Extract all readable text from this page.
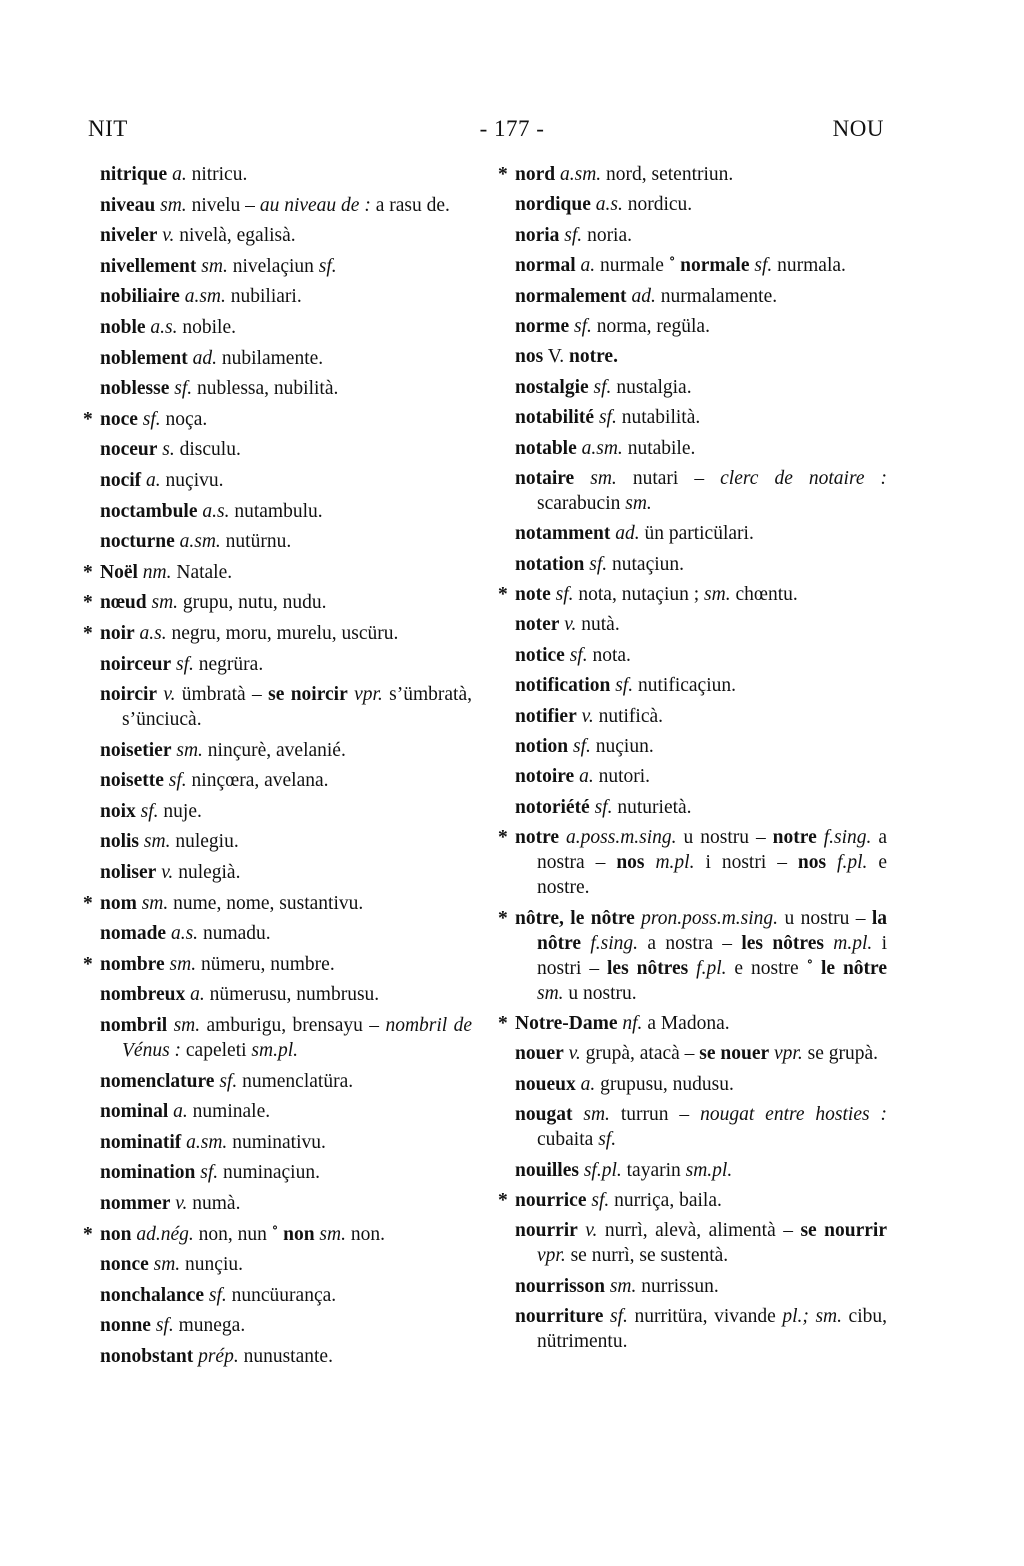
NIT	- 177 -	NOU

nitrique a. nitricu.

niveau sm. nivelu – au niveau de : a rasu de.

niveler v. nivelà, egalisà.

nivellement sm. nivelaçiun sf.

nobiliaire a.sm. nubiliari.

noble a.s. nobile.

noblement ad. nubilamente.

noblesse sf. nublessa, nubilità.

* noce sf. noça.

noceur s. disculu.

nocif a. nuçivu.

noctambule a.s. nutambulu.

nocturne a.sm. nutürnu.

* Noël nm. Natale.

* nœud sm. grupu, nutu, nudu.

* noir a.s. negru, moru, murelu, uscüru.

noirceur sf. negrüra.

noircir v. ümbratà – se noircir vpr. s’ümbratà, s’ünciucà.

noisetier sm. ninçurè, avelanié.

noisette sf. ninçœra, avelana.

noix sf. nuje.

nolis sm. nulegiu.

noliser v. nulegià.

* nom sm. nume, nome, sustantivu.

nomade a.s. numadu.

* nombre sm. nümeru, numbre.

nombreux a. nümerusu, numbrusu.

nombril sm. amburigu, brensayu – nombril de Vénus : capeleti sm.pl.

nomenclature sf. numenclatüra.

nominal a. numinale.

nominatif a.sm. numinativu.

nomination sf. numinaçiun.

nommer v. numà.

* non ad.nég. non, nun ˚ non sm. non.

nonce sm. nunçiu.

nonchalance sf. nuncüurança.

nonne sf. munega.

nonobstant prép. nunustante.

* nord a.sm. nord, setentriun.

nordique a.s. nordicu.

noria sf. noria.

normal a. nurmale ˚ normale sf. nurmala.

normalement ad. nurmalamente.

norme sf. norma, regüla.

nos V. notre.

nostalgie sf. nustalgia.

notabilité sf. nutabilità.

notable a.sm. nutabile.

notaire sm. nutari – clerc de notaire : scarabucin sm.

notamment ad. ün particülari.

notation sf. nutaçiun.

* note sf. nota, nutaçiun ; sm. chœntu.

noter v. nutà.

notice sf. nota.

notification sf. nutificaçiun.

notifier v. nutificà.

notion sf. nuçiun.

notoire a. nutori.

notoriété sf. nuturietà.

* notre a.poss.m.sing. u nostru – notre f.sing. a nostra – nos m.pl. i nostri – nos f.pl. e nostre.

* nôtre, le nôtre pron.poss.m.sing. u nostru – la nôtre f.sing. a nostra – les nôtres m.pl. i nostri – les nôtres f.pl. e nostre ˚ le nôtre sm. u nostru.

* Notre-Dame nf. a Madona.

nouer v. grupà, atacà – se nouer vpr. se grupà.

noueux a. grupusu, nudusu.

nougat sm. turrun – nougat entre hosties : cubaita sf.

nouilles sf.pl. tayarin sm.pl.

* nourrice sf. nurriça, baila.

nourrir v. nurrì, alevà, alimentà – se nourrir vpr. se nurrì, se sustentà.

nourrisson sm. nurrissun.

nourriture sf. nurritüra, vivande pl.; sm. cibu, nütrimentu.
